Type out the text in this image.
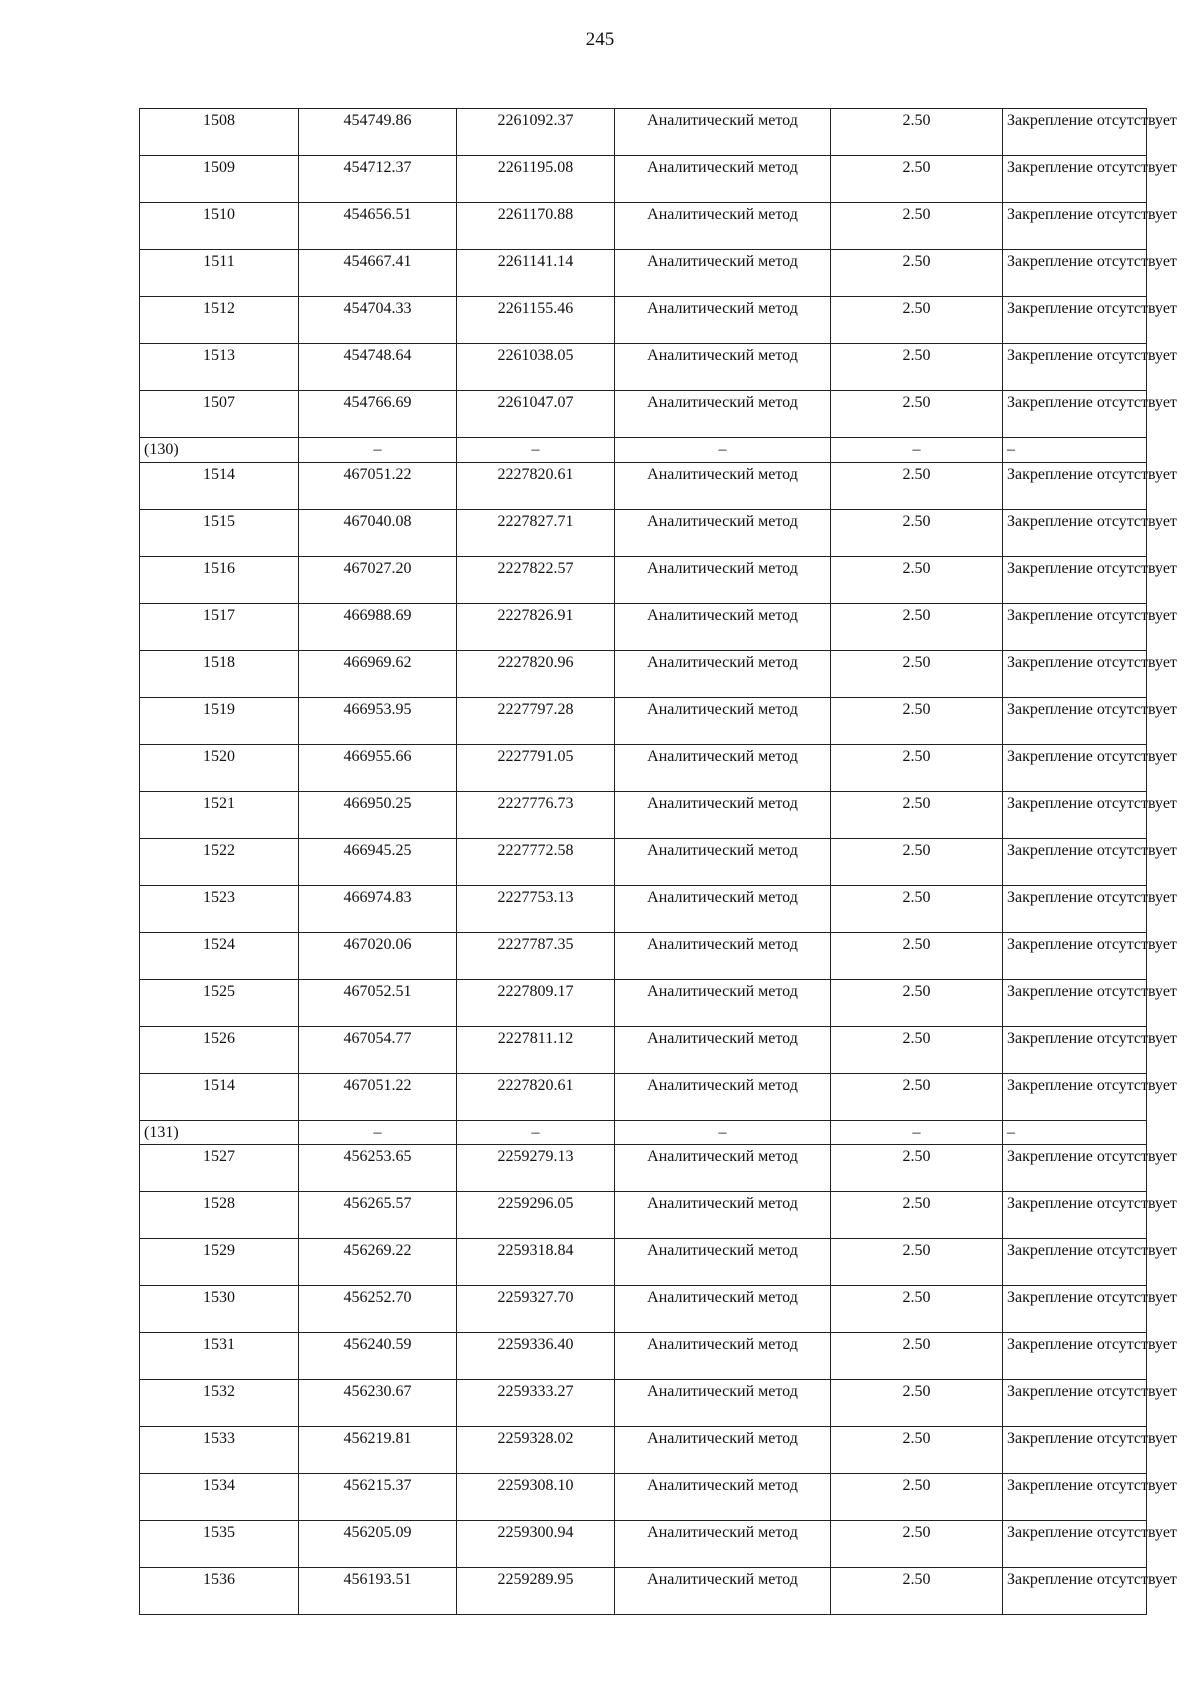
245
1508	454749.86	2261092.37	Аналитический метод	2.50	Закрепление отсутствует
1509	454712.37	2261195.08	Аналитический метод	2.50	Закрепление отсутствует
1510	454656.51	2261170.88	Аналитический метод	2.50	Закрепление отсутствует
1511	454667.41	2261141.14	Аналитический метод	2.50	Закрепление отсутствует
1512	454704.33	2261155.46	Аналитический метод	2.50	Закрепление отсутствует
1513	454748.64	2261038.05	Аналитический метод	2.50	Закрепление отсутствует
1507	454766.69	2261047.07	Аналитический метод	2.50	Закрепление отсутствует
(130)	–	–	–	–	–
1514	467051.22	2227820.61	Аналитический метод	2.50	Закрепление отсутствует
1515	467040.08	2227827.71	Аналитический метод	2.50	Закрепление отсутствует
1516	467027.20	2227822.57	Аналитический метод	2.50	Закрепление отсутствует
1517	466988.69	2227826.91	Аналитический метод	2.50	Закрепление отсутствует
1518	466969.62	2227820.96	Аналитический метод	2.50	Закрепление отсутствует
1519	466953.95	2227797.28	Аналитический метод	2.50	Закрепление отсутствует
1520	466955.66	2227791.05	Аналитический метод	2.50	Закрепление отсутствует
1521	466950.25	2227776.73	Аналитический метод	2.50	Закрепление отсутствует
1522	466945.25	2227772.58	Аналитический метод	2.50	Закрепление отсутствует
1523	466974.83	2227753.13	Аналитический метод	2.50	Закрепление отсутствует
1524	467020.06	2227787.35	Аналитический метод	2.50	Закрепление отсутствует
1525	467052.51	2227809.17	Аналитический метод	2.50	Закрепление отсутствует
1526	467054.77	2227811.12	Аналитический метод	2.50	Закрепление отсутствует
1514	467051.22	2227820.61	Аналитический метод	2.50	Закрепление отсутствует
(131)	–	–	–	–	–
1527	456253.65	2259279.13	Аналитический метод	2.50	Закрепление отсутствует
1528	456265.57	2259296.05	Аналитический метод	2.50	Закрепление отсутствует
1529	456269.22	2259318.84	Аналитический метод	2.50	Закрепление отсутствует
1530	456252.70	2259327.70	Аналитический метод	2.50	Закрепление отсутствует
1531	456240.59	2259336.40	Аналитический метод	2.50	Закрепление отсутствует
1532	456230.67	2259333.27	Аналитический метод	2.50	Закрепление отсутствует
1533	456219.81	2259328.02	Аналитический метод	2.50	Закрепление отсутствует
1534	456215.37	2259308.10	Аналитический метод	2.50	Закрепление отсутствует
1535	456205.09	2259300.94	Аналитический метод	2.50	Закрепление отсутствует
1536	456193.51	2259289.95	Аналитический метод	2.50	Закрепление отсутствует
